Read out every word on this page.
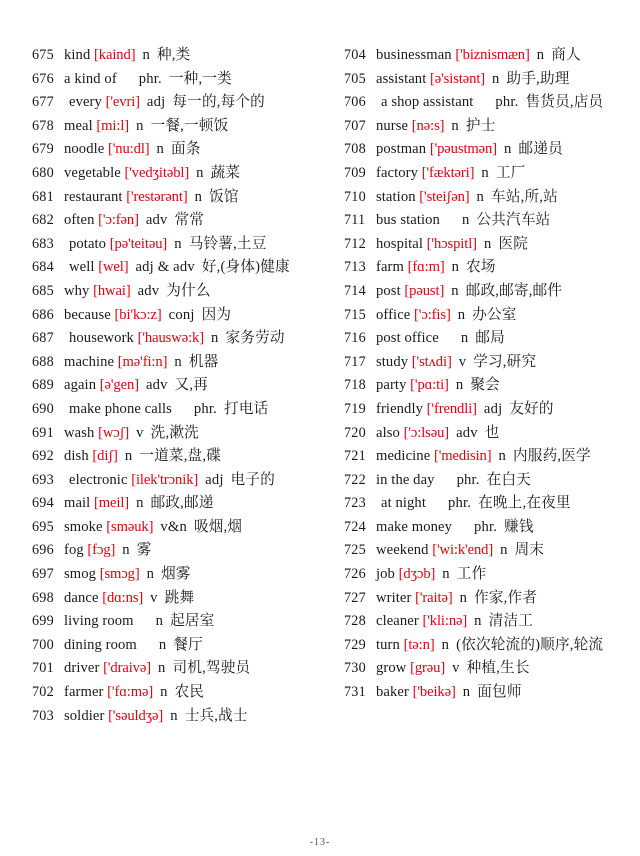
675 kind [kaind] n 种,类
676 a kind of phr. 一种,一类
677	every ['evri] adj 每一的,每个的
678 meal [mi:l] n 一餐,一顿饭
679 noodle ['nu:dl] n 面条
680 vegetable ['vedʒitəbl] n 蔬菜
681 restaurant ['restərənt] n 饭馆
682 often ['ɔ:fən] adv 常常
683	potato [pə'teitəu] n 马铃薯,土豆
684	well [wel] adj & adv 好,(身体)健康
685 why [hwai] adv 为什么
686 because [bi'kɔ:z] conj 因为
687	housework ['hauswə:k] n 家务劳动
688 machine [mə'fi:n] n 机器
689 again [ə'gen] adv 又,再
690	make phone calls phr. 打电话
691 wash [wɔʃ] v 洗,漱洗
692 dish [diʃ] n 一道菜,盘,碟
693	electronic [ilek'trɔnik] adj 电子的
694 mail [meil] n 邮政,邮递
695 smoke [sməuk] v&n 吸烟,烟
696 fog [fɔg] n 雾
697 smog [smɔg] n 烟雾
698 dance [dɑ:ns] v 跳舞
699 living room n 起居室
700 dining room n 餐厅
701 driver ['draivə] n 司机,驾驶员
702 farmer ['fɑ:mə] n 农民
703 soldier ['səuldʒə] n 士兵,战士
704 businessman ['biznismæn] n 商人
705 assistant [ə'sistənt] n 助手,助理
706	a shop assistant phr. 售货员,店员
707 nurse [nə:s] n 护士
708 postman ['pəustmən] n 邮递员
709 factory ['fæktəri] n 工厂
710 station ['steiʃən] n 车站,所,站
711 bus station n 公共汽车站
712 hospital ['hɔspitl] n 医院
713 farm [fɑ:m] n 农场
714 post [pəust] n 邮政,邮寄,邮件
715 office ['ɔ:fis] n 办公室
716 post office n 邮局
717 study ['stʌdi] v 学习,研究
718 party ['pɑ:ti] n 聚会
719 friendly ['frendli] adj 友好的
720 also ['ɔ:lsəu] adv 也
721 medicine ['medisin] n 内服药,医学
722 in the day phr. 在白天
723	at night phr. 在晚上,在夜里
724 make money phr. 赚钱
725 weekend ['wi:k'end] n 周末
726 job [dʒɔb] n 工作
727 writer ['raitə] n 作家,作者
728 cleaner ['kli:nə] n 清洁工
729 turn [tə:n] n (依次轮流的)顺序,轮流
730 grow [grəu] v 种植,生长
731 baker ['beikə] n 面包师
-13-
